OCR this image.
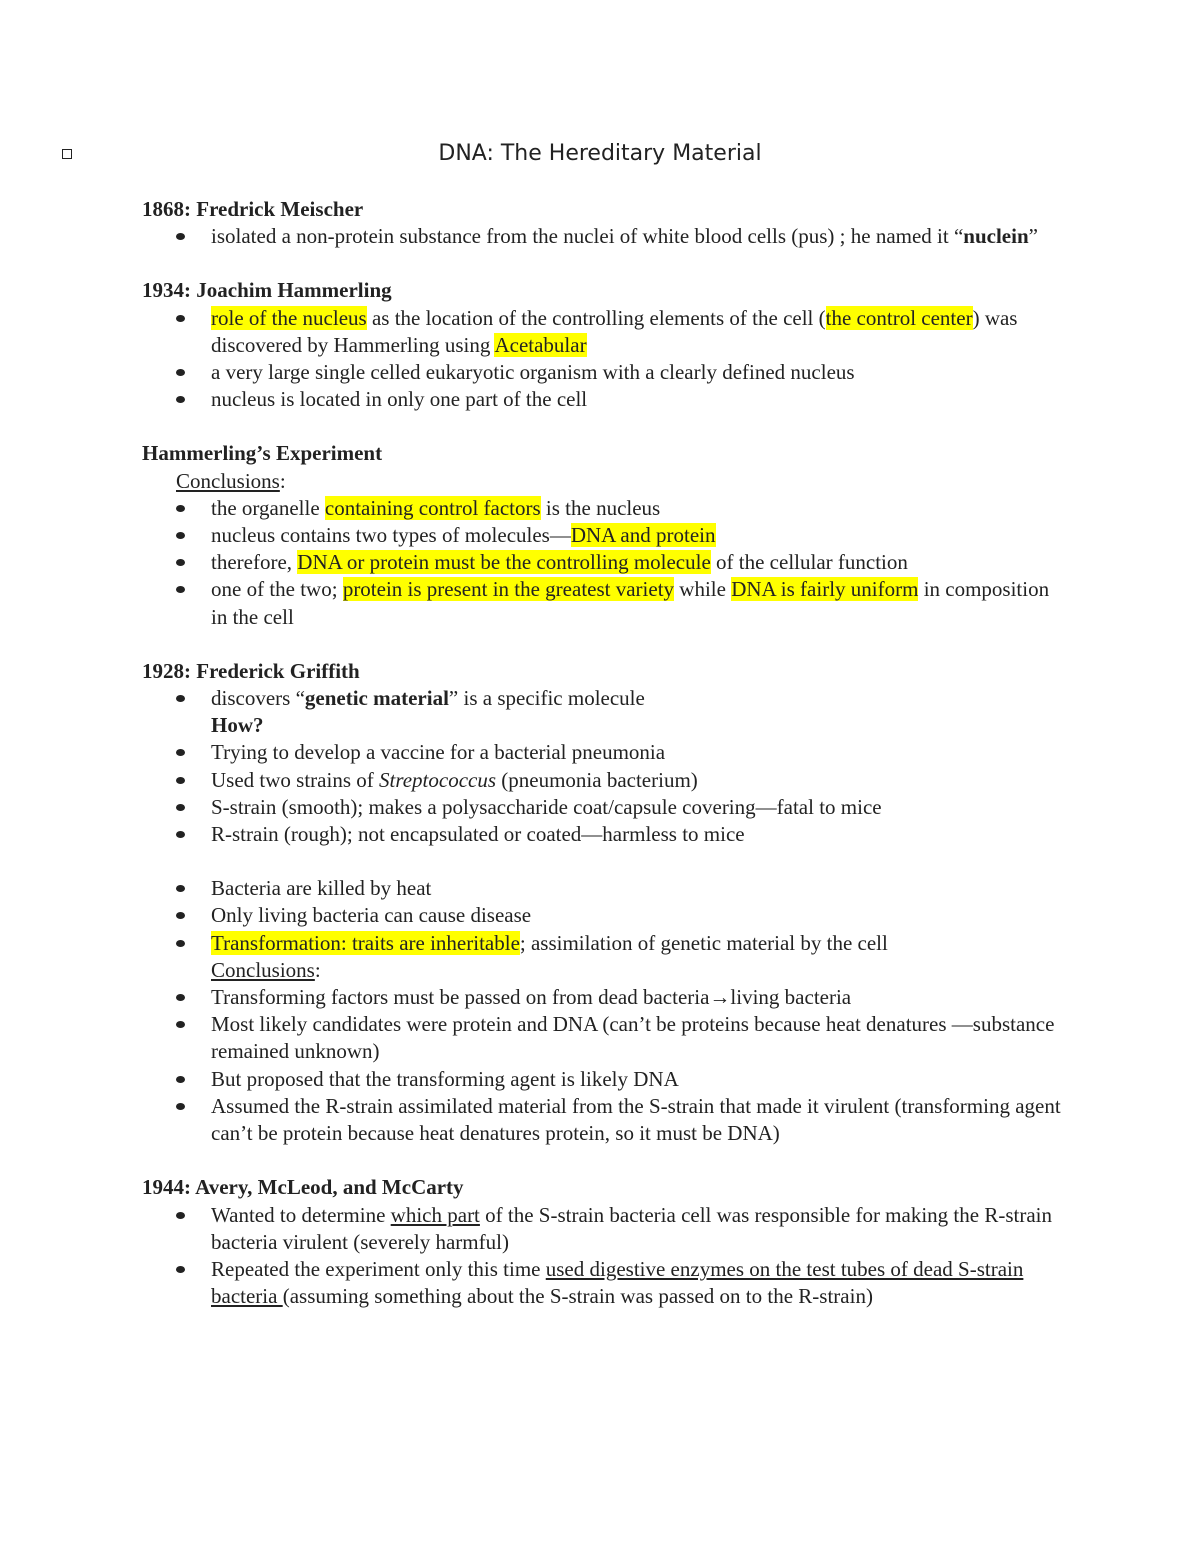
DNA: The Hereditary Material

1868: Fredrick Meischer

isolated a non-protein substance from the nuclei of white blood cells (pus) ; he named it “nuclein”

1934: Joachim Hammerling

role of the nucleus as the location of the controlling elements of the cell (the control center) was discovered by Hammerling using Acetabular
a very large single celled eukaryotic organism with a clearly defined nucleus
nucleus is located in only one part of the cell

Hammerling’s Experiment

Conclusions:

the organelle containing control factors is the nucleus
nucleus contains two types of molecules—DNA and protein
therefore, DNA or protein must be the controlling molecule of the cellular function
one of the two; protein is present in the greatest variety while DNA is fairly uniform in composition in the cell

1928: Frederick Griffith

discovers “genetic material” is a specific molecule

How?

Trying to develop a vaccine for a bacterial pneumonia
Used two strains of Streptococcus (pneumonia bacterium)
S-strain (smooth); makes a polysaccharide coat/capsule covering—fatal to mice
R-strain (rough); not encapsulated or coated—harmless to mice
Bacteria are killed by heat
Only living bacteria can cause disease
Transformation: traits are inheritable; assimilation of genetic material by the cell

Conclusions:

Transforming factors must be passed on from dead bacteria→living bacteria
Most likely candidates were protein and DNA (can’t be proteins because heat denatures —substance remained unknown)
But proposed that the transforming agent is likely DNA
Assumed the R-strain assimilated material from the S-strain that made it virulent (transforming agent can’t be protein because heat denatures protein, so it must be DNA)

1944: Avery, McLeod, and McCarty

Wanted to determine which part of the S-strain bacteria cell was responsible for making the R-strain bacteria virulent (severely harmful)
Repeated the experiment only this time used digestive enzymes on the test tubes of dead S-strain bacteria (assuming something about the S-strain was passed on to the R-strain)
